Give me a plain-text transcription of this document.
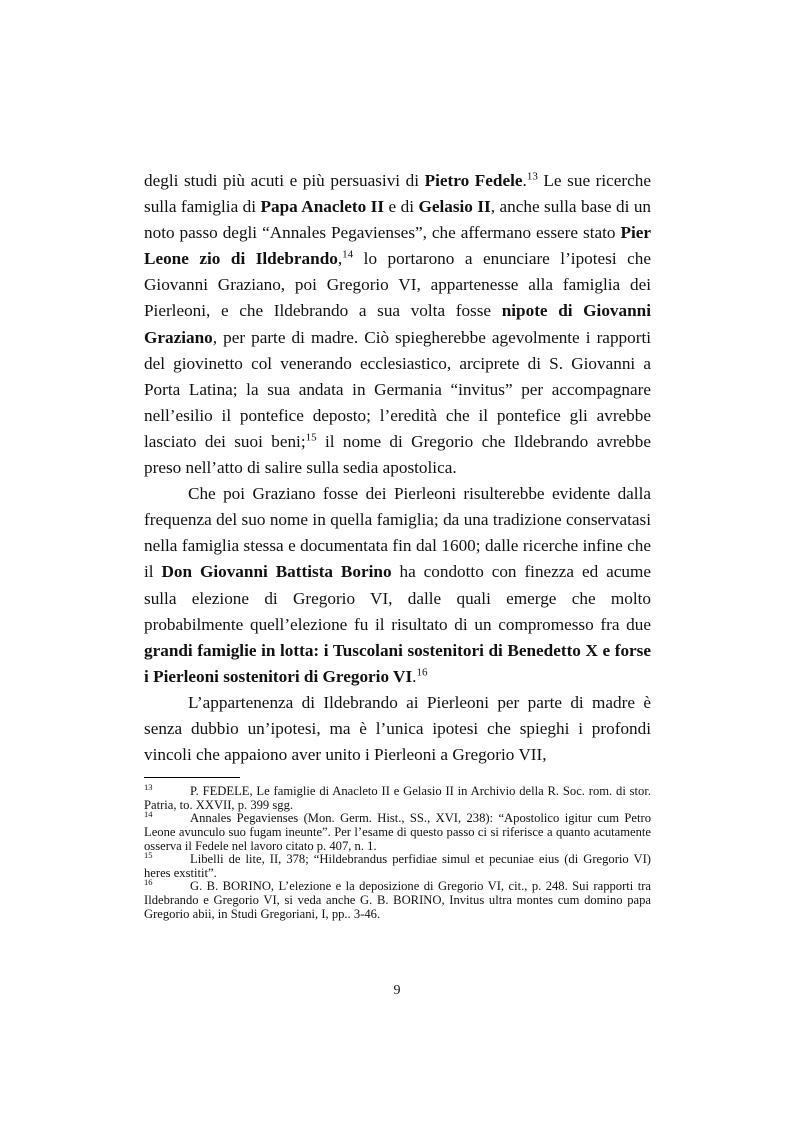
degli studi più acuti e più persuasivi di Pietro Fedele.$^{13}$ Le sue ricerche sulla famiglia di Papa Anacleto II e di Gelasio II, anche sulla base di un noto passo degli “Annales Pegavienses”, che affermano essere stato Pier Leone zio di Ildebrando,$^{14}$ lo portarono a enunciare l’ipotesi che Giovanni Graziano, poi Gregorio VI, appartenesse alla famiglia dei Pierleoni, e che Ildebrando a sua volta fosse nipote di Giovanni Graziano, per parte di madre. Ciò spiegherebbe agevolmente i rapporti del giovinetto col venerando ecclesiastico, arciprete di S. Giovanni a Porta Latina; la sua andata in Germania “invitus” per accompagnare nell’esilio il pontefice deposto; l’eredità che il pontefice gli avrebbe lasciato dei suoi beni;$^{15}$ il nome di Gregorio che Ildebrando avrebbe preso nell’atto di salire sulla sedia apostolica.

Che poi Graziano fosse dei Pierleoni risulterebbe evidente dalla frequenza del suo nome in quella famiglia; da una tradizione conservatasi nella famiglia stessa e documentata fin dal 1600; dalle ricerche infine che il Don Giovanni Battista Borino ha condotto con finezza ed acume sulla elezione di Gregorio VI, dalle quali emerge che molto probabilmente quell’elezione fu il risultato di un compromesso fra due grandi famiglie in lotta: i Tuscolani sostenitori di Benedetto X e forse i Pierleoni sostenitori di Gregorio VI.$^{16}$

L’appartenenza di Ildebrando ai Pierleoni per parte di madre è senza dubbio un’ipotesi, ma è l’unica ipotesi che spieghi i profondi vincoli che appaiono aver unito i Pierleoni a Gregorio VII,

13	P. FEDELE, Le famiglie di Anacleto II e Gelasio II in Archivio della R. Soc. rom. di stor. Patria, to. XXVII, p. 399 sgg.

14	Annales Pegavienses (Mon. Germ. Hist., SS., XVI, 238): “Apostolico igitur cum Petro Leone avunculo suo fugam ineunte”. Per l’esame di questo passo ci si riferisce a quanto acutamente osserva il Fedele nel lavoro citato p. 407, n. 1.

15	Libelli de lite, II, 378; “Hildebrandus perfidiae simul et pecuniae eius (di Gregorio VI) heres exstitit”.

16	G. B. BORINO, L’elezione e la deposizione di Gregorio VI, cit., p. 248. Sui rapporti tra Ildebrando e Gregorio VI, si veda anche G. B. BORINO, Invitus ultra montes cum domino papa Gregorio abii, in Studi Gregoriani, I, pp.. 3-46.

9
